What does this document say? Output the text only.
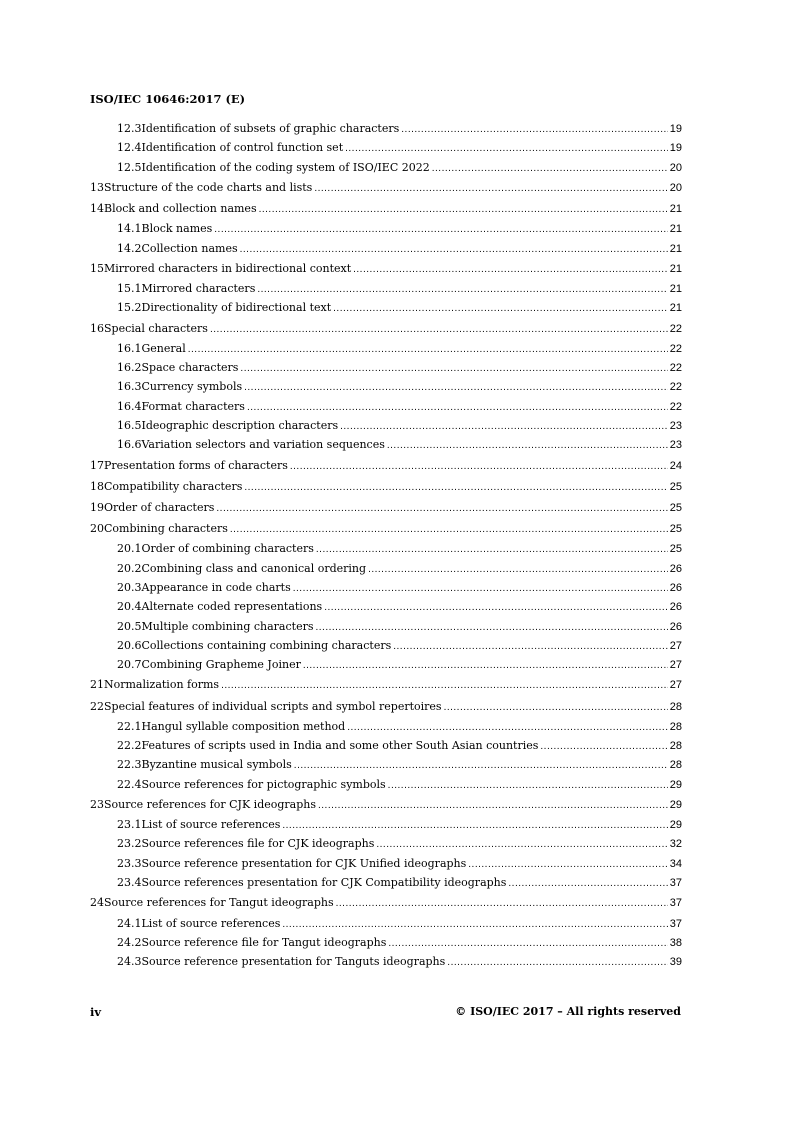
ISO/IEC 10646:2017 (E)
12.3 Identification of subsets of graphic characters .....	19
12.4 Identification of control function set .....	19
12.5 Identification of the coding system of ISO/IEC 2022 .....	20
13 Structure of the code charts and lists .....	20
14 Block and collection names .....	21
14.1 Block names .....	21
14.2 Collection names .....	21
15 Mirrored characters in bidirectional context .....	21
15.1 Mirrored characters .....	21
15.2 Directionality of bidirectional text .....	21
16 Special characters .....	22
16.1 General .....	22
16.2 Space characters .....	22
16.3 Currency symbols .....	22
16.4 Format characters .....	22
16.5 Ideographic description characters .....	23
16.6 Variation selectors and variation sequences .....	23
17 Presentation forms of characters .....	24
18 Compatibility characters .....	25
19 Order of characters .....	25
20 Combining characters .....	25
20.1 Order of combining characters .....	25
20.2 Combining class and canonical ordering .....	26
20.3 Appearance in code charts .....	26
20.4 Alternate coded representations .....	26
20.5 Multiple combining characters .....	26
20.6 Collections containing combining characters .....	27
20.7 Combining Grapheme Joiner .....	27
21 Normalization forms .....	27
22 Special features of individual scripts and symbol repertoires .....	28
22.1 Hangul syllable composition method .....	28
22.2 Features of scripts used in India and some other South Asian countries .....	28
22.3 Byzantine musical symbols .....	28
22.4 Source references for pictographic symbols .....	29
23 Source references for CJK ideographs .....	29
23.1 List of source references .....	29
23.2 Source references file for CJK ideographs .....	32
23.3 Source reference presentation for CJK Unified ideographs .....	34
23.4 Source references presentation for CJK Compatibility ideographs .....	37
24 Source references for Tangut ideographs .....	37
24.1 List of source references .....	37
24.2 Source reference file for Tangut ideographs .....	38
24.3 Source reference presentation for Tanguts ideographs .....	39
iv	© ISO/IEC 2017 – All rights reserved
